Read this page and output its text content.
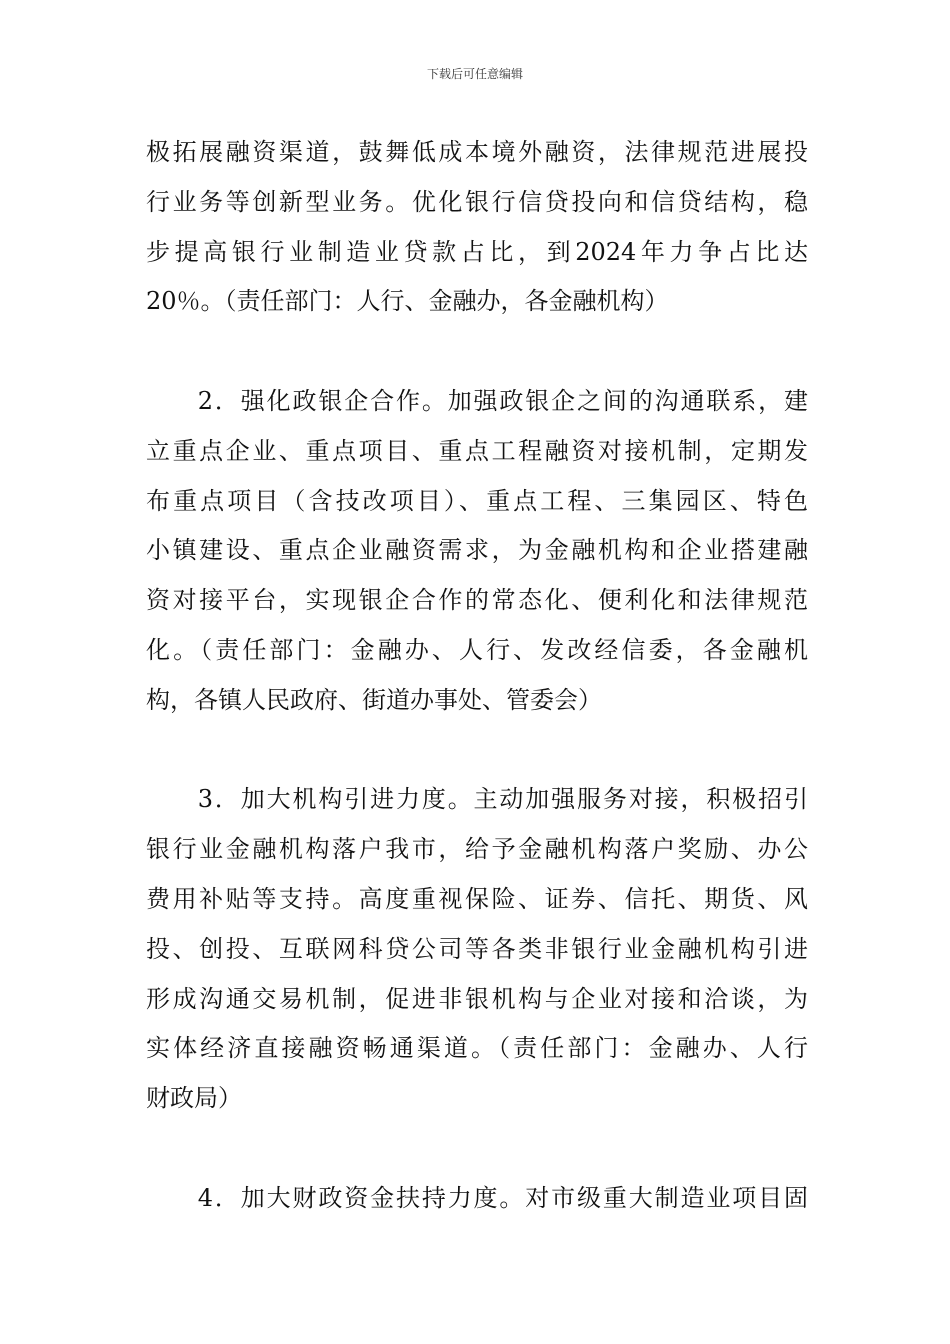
下载后可任意编辑
极拓展融资渠道，鼓舞低成本境外融资，法律规范进展投
行业务等创新型业务。优化银行信贷投向和信贷结构，稳
步提高银行业制造业贷款占比，到2024年力争占比达
20％。（责任部门：人行、金融办，各金融机构）
　　2．强化政银企合作。加强政银企之间的沟通联系，建
立重点企业、重点项目、重点工程融资对接机制，定期发
布重点项目（含技改项目）、重点工程、三集园区、特色
小镇建设、重点企业融资需求，为金融机构和企业搭建融
资对接平台，实现银企合作的常态化、便利化和法律规范
化。（责任部门：金融办、人行、发改经信委，各金融机
构，各镇人民政府、街道办事处、管委会）
　　3．加大机构引进力度。主动加强服务对接，积极招引
银行业金融机构落户我市，给予金融机构落户奖励、办公
费用补贴等支持。高度重视保险、证券、信托、期货、风
投、创投、互联网科贷公司等各类非银行业金融机构引进
形成沟通交易机制，促进非银机构与企业对接和洽谈，为
实体经济直接融资畅通渠道。（责任部门：金融办、人行
财政局）
　　4．加大财政资金扶持力度。对市级重大制造业项目固
